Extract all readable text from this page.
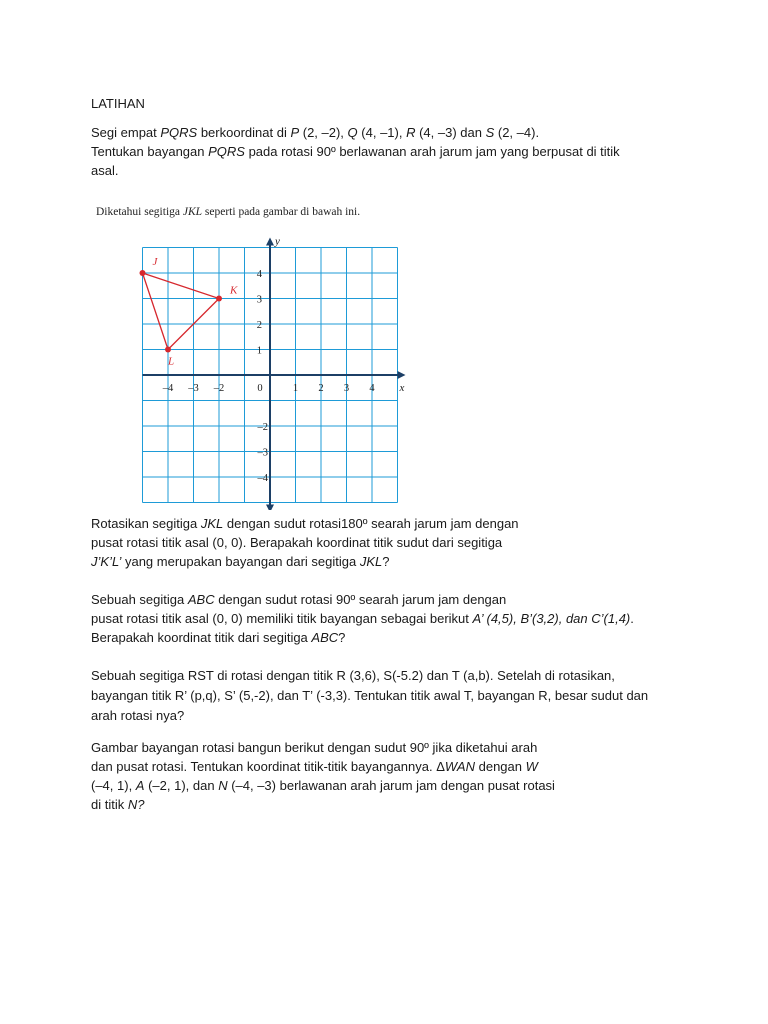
LATIHAN

Segi empat PQRS berkoordinat di P (2, –2), Q (4, –1), R (4, –3) dan S (2, –4).
Tentukan bayangan PQRS pada rotasi 90º berlawanan arah jarum jam yang berpusat di titik
asal.

Diketahui segitiga JKL seperti pada gambar di bawah ini.
x
y
–4 –3 –2	0	1 2 3 4
4
3
2
1
–2
–3
–4
J
K
L

Rotasikan segitiga JKL dengan sudut rotasi180º searah jarum jam dengan
pusat rotasi titik asal (0, 0). Berapakah koordinat titik sudut dari segitiga
J’K’L’ yang merupakan bayangan dari segitiga JKL?

Sebuah segitiga ABC dengan sudut rotasi 90º searah jarum jam dengan
pusat rotasi titik asal (0, 0) memiliki titik bayangan sebagai berikut A’ (4,5), B’(3,2), dan C’(1,4).
Berapakah koordinat titik dari segitiga ABC?

Sebuah segitiga RST di rotasi dengan titik R (3,6), S(-5.2) dan T (a,b). Setelah di rotasikan,
bayangan titik R’ (p,q), S’ (5,-2), dan T’ (-3,3). Tentukan titik awal T, bayangan R, besar sudut dan
arah rotasi nya?

Gambar bayangan rotasi bangun berikut dengan sudut 90º jika diketahui arah
dan pusat rotasi. Tentukan koordinat titik-titik bayangannya. ΔWAN dengan W
(–4, 1), A (–2, 1), dan N (–4, –3) berlawanan arah jarum jam dengan pusat rotasi
di titik N?
